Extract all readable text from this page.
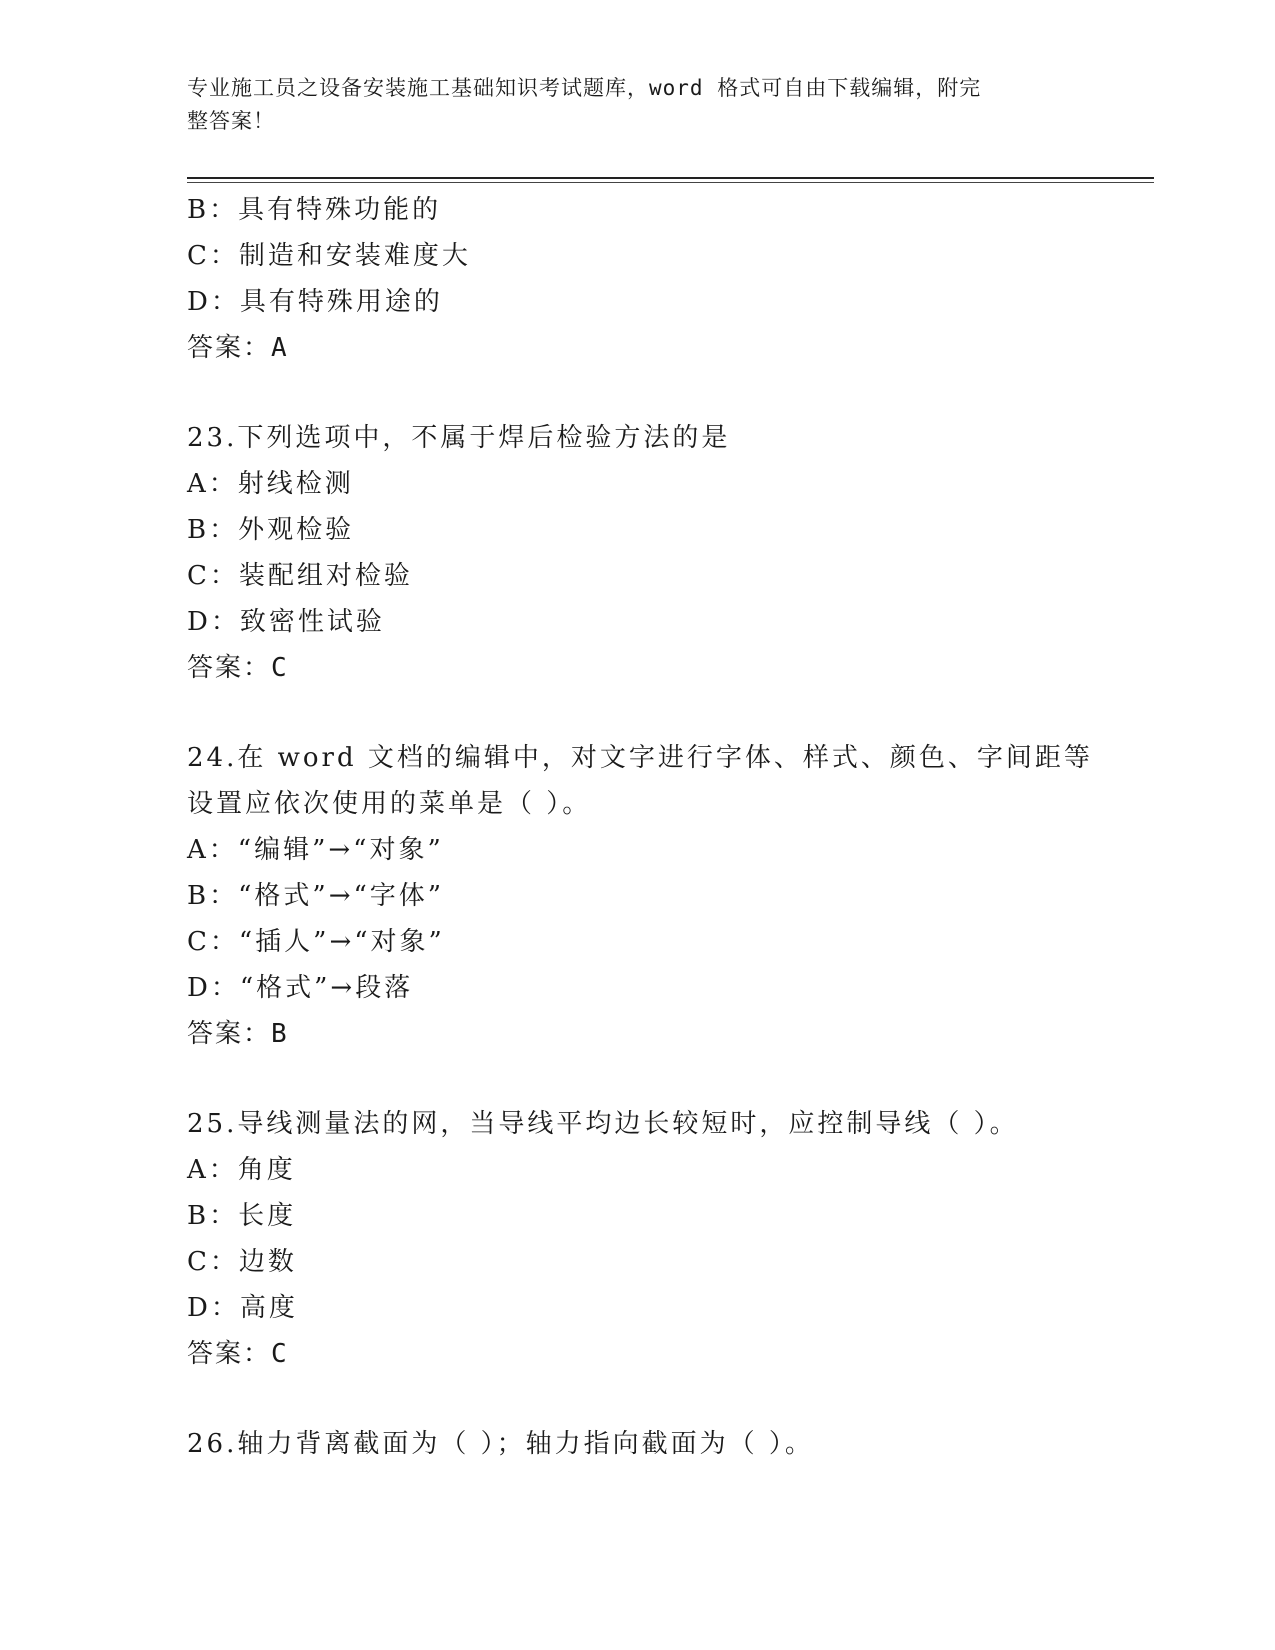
专业施工员之设备安装施工基础知识考试题库，word 格式可自由下载编辑，附完
整答案！
B：具有特殊功能的
C：制造和安装难度大
D：具有特殊用途的
答案：A
23.下列选项中，不属于焊后检验方法的是
A：射线检测
B：外观检验
C：装配组对检验
D：致密性试验
答案：C
24.在 word 文档的编辑中，对文字进行字体、样式、颜色、字间距等
设置应依次使用的菜单是（ ）。
A：“编辑”→“对象”
B：“格式”→“字体”
C：“插人”→“对象”
D：“格式”→段落
答案：B
25.导线测量法的网，当导线平均边长较短时，应控制导线（ ）。
A：角度
B：长度
C：边数
D：高度
答案：C
26.轴力背离截面为（ ）；轴力指向截面为（ ）。
